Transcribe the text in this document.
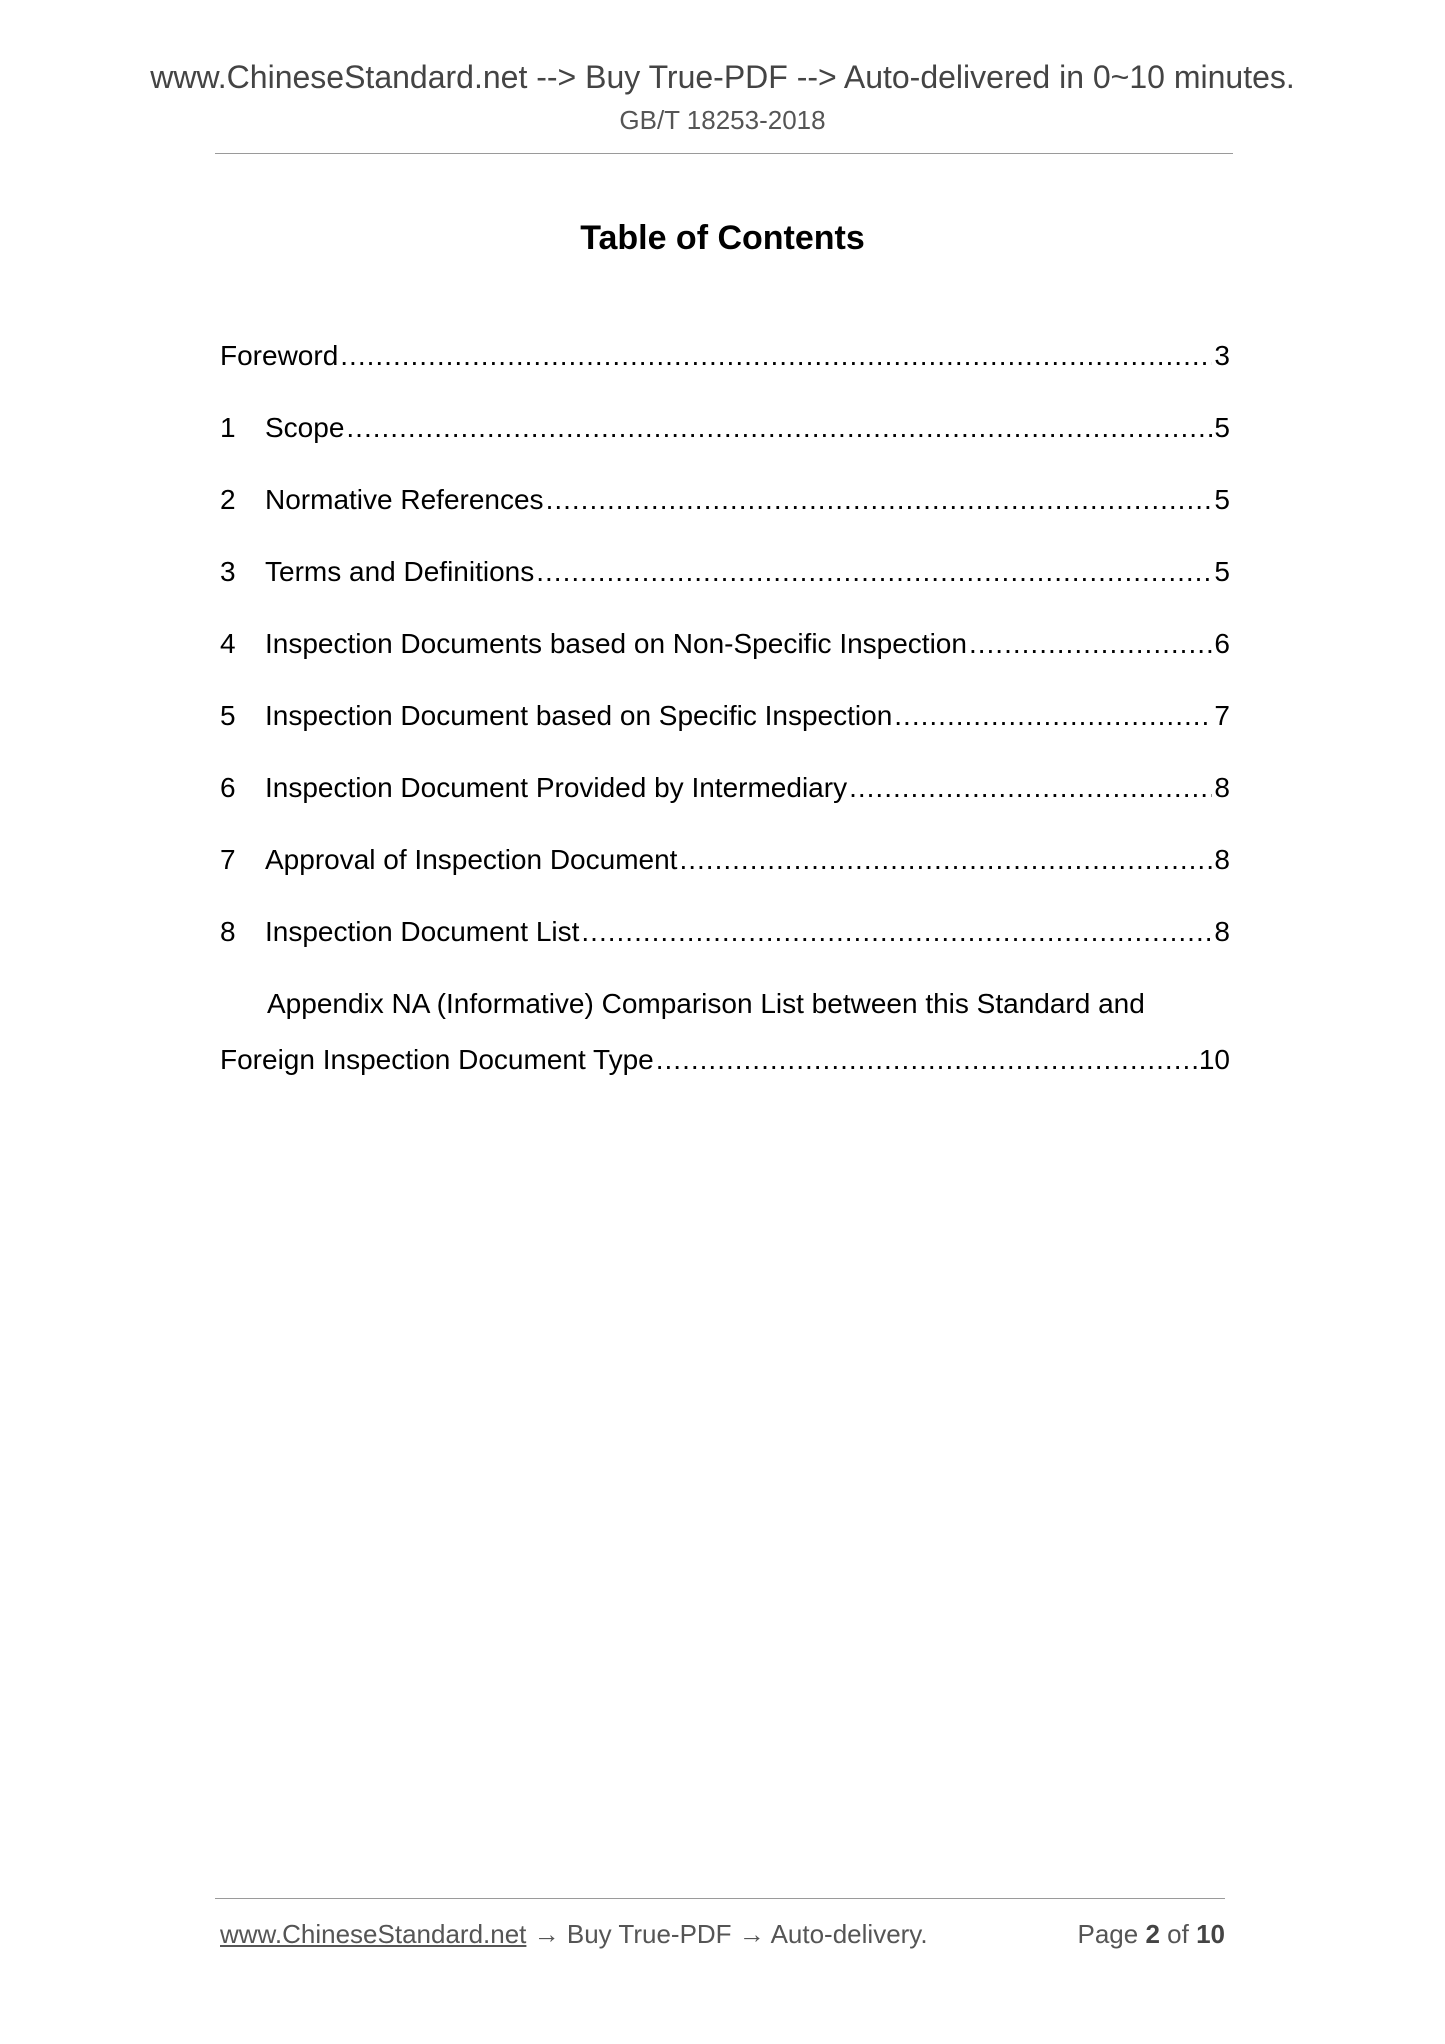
www.ChineseStandard.net --> Buy True-PDF --> Auto-delivered in 0~10 minutes.
GB/T 18253-2018
Table of Contents
Foreword .....	3
1	Scope .....	5
2	Normative References .....	5
3	Terms and Definitions .....	5
4	Inspection Documents based on Non-Specific Inspection .....	6
5	Inspection Document based on Specific Inspection .....	7
6	Inspection Document Provided by Intermediary .....	8
7	Approval of Inspection Document .....	8
8	Inspection Document List .....	8
Appendix NA (Informative) Comparison List between this Standard and
Foreign Inspection Document Type .....	10
www.ChineseStandard.net → Buy True-PDF → Auto-delivery.	Page 2 of 10
